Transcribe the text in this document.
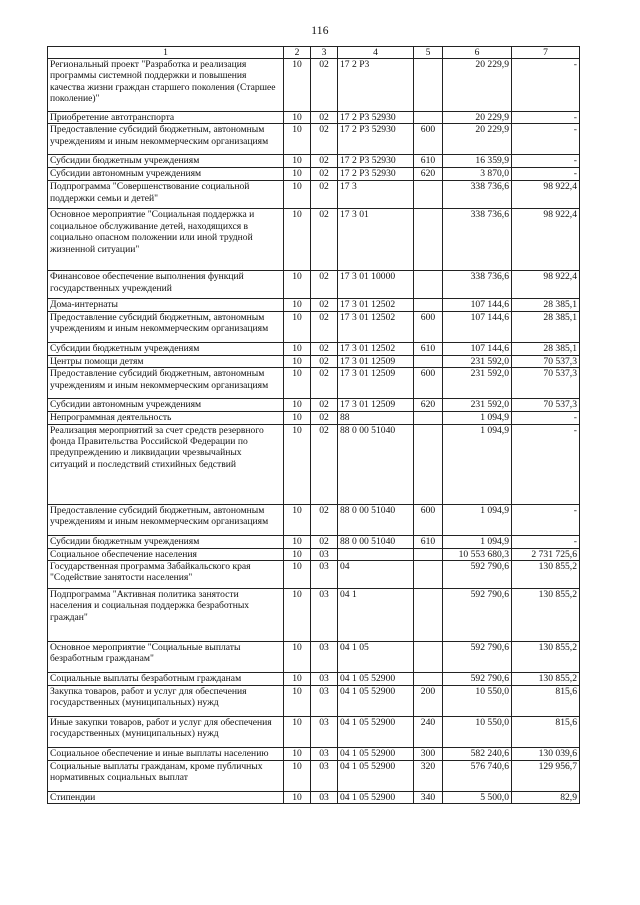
116
1	2	3	4	5	6	7
Региональный проект "Разработка и реализация программы системной поддержки и повышения качества жизни граждан старшего поколения (Старшее поколение)"	10	02	17 2 P3		20 229,9	-
Приобретение автотранспорта	10	02	17 2 P3 52930		20 229,9	-
Предоставление субсидий бюджетным, автономным учреждениям и иным некоммерческим организациям	10	02	17 2 P3 52930	600	20 229,9	-
Субсидии бюджетным учреждениям	10	02	17 2 P3 52930	610	16 359,9	-
Субсидии автономным учреждениям	10	02	17 2 P3 52930	620	3 870,0	-
Подпрограмма "Совершенствование социальной поддержки семьи и детей"	10	02	17 3		338 736,6	98 922,4
Основное мероприятие "Социальная поддержка и социальное обслуживание детей, находящихся в социально опасном положении или иной трудной жизненной ситуации"	10	02	17 3 01		338 736,6	98 922,4
Финансовое обеспечение выполнения функций государственных учреждений	10	02	17 3 01 10000		338 736,6	98 922,4
Дома-интернаты	10	02	17 3 01 12502		107 144,6	28 385,1
Предоставление субсидий бюджетным, автономным учреждениям и иным некоммерческим организациям	10	02	17 3 01 12502	600	107 144,6	28 385,1
Субсидии бюджетным учреждениям	10	02	17 3 01 12502	610	107 144,6	28 385,1
Центры помощи детям	10	02	17 3 01 12509		231 592,0	70 537,3
Предоставление субсидий бюджетным, автономным учреждениям и иным некоммерческим организациям	10	02	17 3 01 12509	600	231 592,0	70 537,3
Субсидии автономным учреждениям	10	02	17 3 01 12509	620	231 592,0	70 537,3
Непрограммная деятельность	10	02	88		1 094,9	-
Реализация мероприятий за счет средств резервного фонда Правительства Российской Федерации по предупреждению и ликвидации чрезвычайных ситуаций и последствий стихийных бедствий	10	02	88 0 00 51040		1 094,9	-
Предоставление субсидий бюджетным, автономным учреждениям и иным некоммерческим организациям	10	02	88 0 00 51040	600	1 094,9	-
Субсидии бюджетным учреждениям	10	02	88 0 00 51040	610	1 094,9	-
Социальное обеспечение населения	10	03			10 553 680,3	2 731 725,6
Государственная программа Забайкальского края "Содействие занятости населения"	10	03	04		592 790,6	130 855,2
Подпрограмма "Активная политика занятости населения и социальная поддержка безработных граждан"	10	03	04 1		592 790,6	130 855,2
Основное мероприятие "Социальные выплаты безработным гражданам"	10	03	04 1 05		592 790,6	130 855,2
Социальные выплаты безработным гражданам	10	03	04 1 05 52900		592 790,6	130 855,2
Закупка товаров, работ и услуг для обеспечения государственных (муниципальных) нужд	10	03	04 1 05 52900	200	10 550,0	815,6
Иные закупки товаров, работ и услуг для обеспечения государственных (муниципальных) нужд	10	03	04 1 05 52900	240	10 550,0	815,6
Социальное обеспечение и иные выплаты населению	10	03	04 1 05 52900	300	582 240,6	130 039,6
Социальные выплаты гражданам, кроме публичных нормативных социальных выплат	10	03	04 1 05 52900	320	576 740,6	129 956,7
Стипендии	10	03	04 1 05 52900	340	5 500,0	82,9
